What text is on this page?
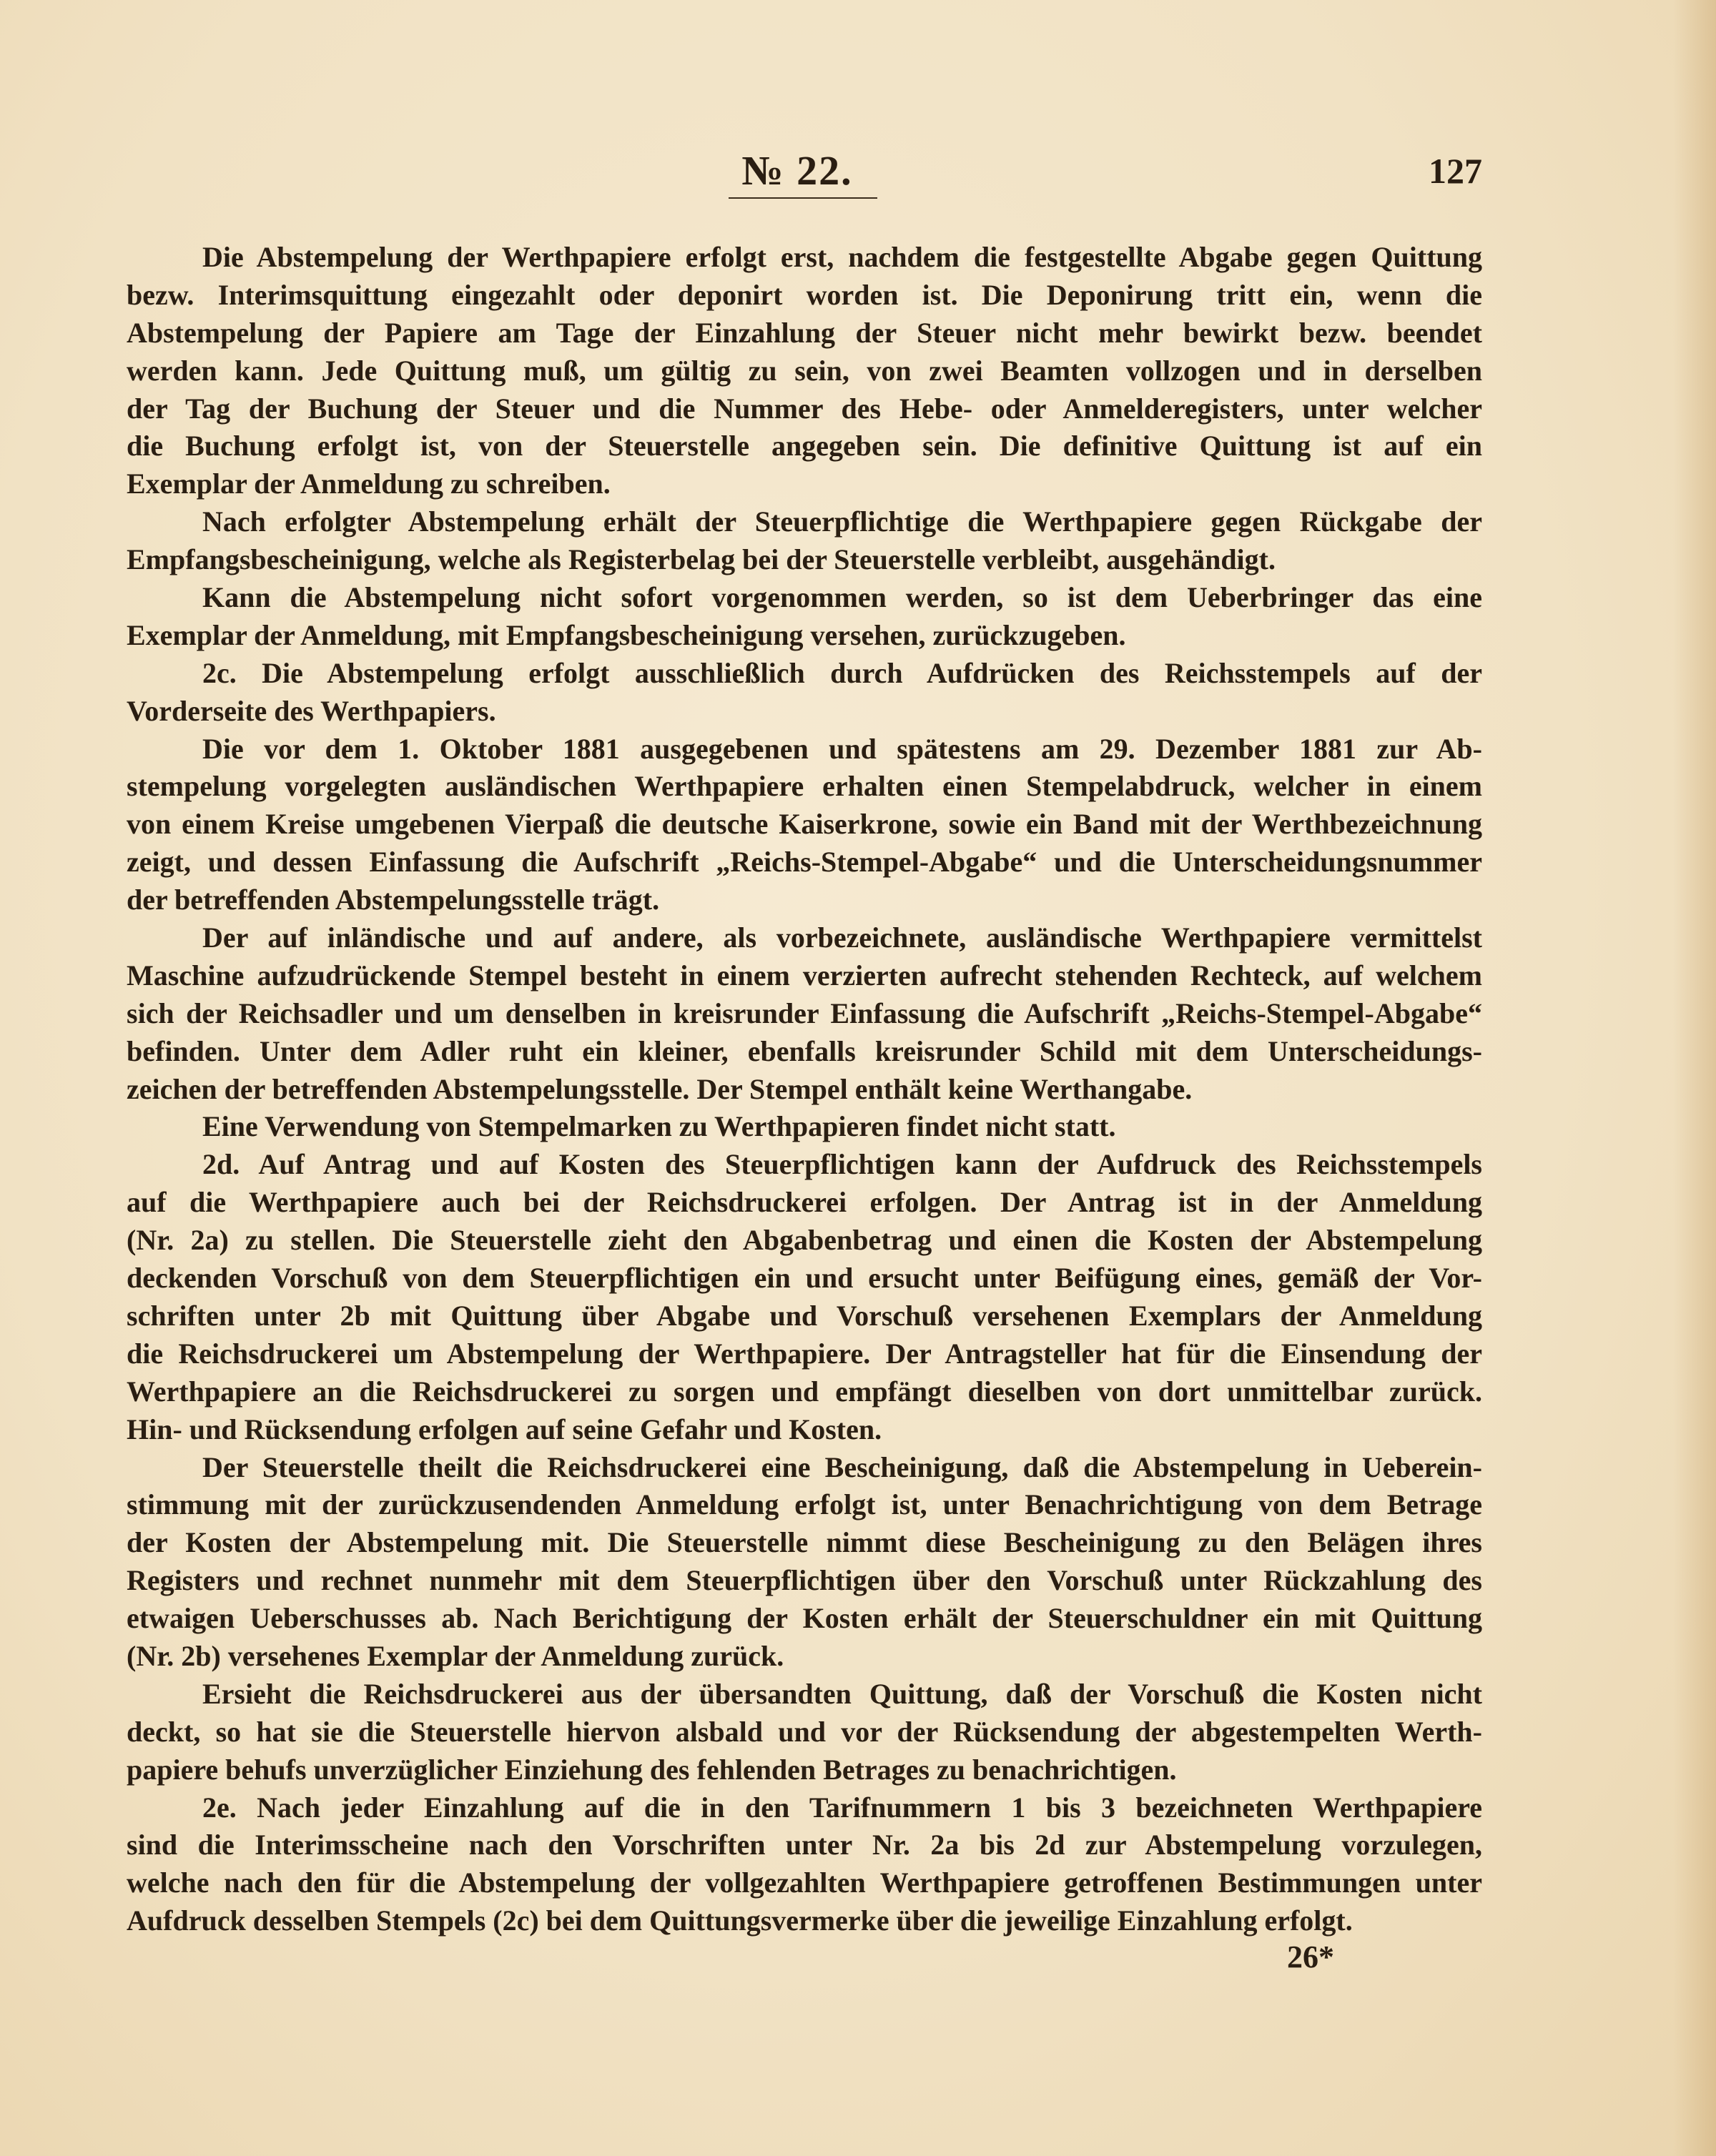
№ 22.	127
Die Abstempelung der Werthpapiere erfolgt erst, nachdem die festgestellte Abgabe gegen Quittung
bezw. Interimsquittung eingezahlt oder deponirt worden ist. Die Deponirung tritt ein, wenn die
Abstempelung der Papiere am Tage der Einzahlung der Steuer nicht mehr bewirkt bezw. beendet
werden kann. Jede Quittung muß, um gültig zu sein, von zwei Beamten vollzogen und in derselben
der Tag der Buchung der Steuer und die Nummer des Hebe- oder Anmelderegisters, unter welcher
die Buchung erfolgt ist, von der Steuerstelle angegeben sein. Die definitive Quittung ist auf ein
Exemplar der Anmeldung zu schreiben.
Nach erfolgter Abstempelung erhält der Steuerpflichtige die Werthpapiere gegen Rückgabe der
Empfangsbescheinigung, welche als Registerbelag bei der Steuerstelle verbleibt, ausgehändigt.
Kann die Abstempelung nicht sofort vorgenommen werden, so ist dem Ueberbringer das eine
Exemplar der Anmeldung, mit Empfangsbescheinigung versehen, zurückzugeben.
2c. Die Abstempelung erfolgt ausschließlich durch Aufdrücken des Reichsstempels auf der
Vorderseite des Werthpapiers.
Die vor dem 1. Oktober 1881 ausgegebenen und spätestens am 29. Dezember 1881 zur Ab-
stempelung vorgelegten ausländischen Werthpapiere erhalten einen Stempelabdruck, welcher in einem
von einem Kreise umgebenen Vierpaß die deutsche Kaiserkrone, sowie ein Band mit der Werthbezeichnung
zeigt, und dessen Einfassung die Aufschrift „Reichs-Stempel-Abgabe“ und die Unterscheidungsnummer
der betreffenden Abstempelungsstelle trägt.
Der auf inländische und auf andere, als vorbezeichnete, ausländische Werthpapiere vermittelst
Maschine aufzudrückende Stempel besteht in einem verzierten aufrecht stehenden Rechteck, auf welchem
sich der Reichsadler und um denselben in kreisrunder Einfassung die Aufschrift „Reichs-Stempel-Abgabe“
befinden. Unter dem Adler ruht ein kleiner, ebenfalls kreisrunder Schild mit dem Unterscheidungs-
zeichen der betreffenden Abstempelungsstelle. Der Stempel enthält keine Werthangabe.
Eine Verwendung von Stempelmarken zu Werthpapieren findet nicht statt.
2d. Auf Antrag und auf Kosten des Steuerpflichtigen kann der Aufdruck des Reichsstempels
auf die Werthpapiere auch bei der Reichsdruckerei erfolgen. Der Antrag ist in der Anmeldung
(Nr. 2a) zu stellen. Die Steuerstelle zieht den Abgabenbetrag und einen die Kosten der Abstempelung
deckenden Vorschuß von dem Steuerpflichtigen ein und ersucht unter Beifügung eines, gemäß der Vor-
schriften unter 2b mit Quittung über Abgabe und Vorschuß versehenen Exemplars der Anmeldung
die Reichsdruckerei um Abstempelung der Werthpapiere. Der Antragsteller hat für die Einsendung der
Werthpapiere an die Reichsdruckerei zu sorgen und empfängt dieselben von dort unmittelbar zurück.
Hin- und Rücksendung erfolgen auf seine Gefahr und Kosten.
Der Steuerstelle theilt die Reichsdruckerei eine Bescheinigung, daß die Abstempelung in Ueberein-
stimmung mit der zurückzusendenden Anmeldung erfolgt ist, unter Benachrichtigung von dem Betrage
der Kosten der Abstempelung mit. Die Steuerstelle nimmt diese Bescheinigung zu den Belägen ihres
Registers und rechnet nunmehr mit dem Steuerpflichtigen über den Vorschuß unter Rückzahlung des
etwaigen Ueberschusses ab. Nach Berichtigung der Kosten erhält der Steuerschuldner ein mit Quittung
(Nr. 2b) versehenes Exemplar der Anmeldung zurück.
Ersieht die Reichsdruckerei aus der übersandten Quittung, daß der Vorschuß die Kosten nicht
deckt, so hat sie die Steuerstelle hiervon alsbald und vor der Rücksendung der abgestempelten Werth-
papiere behufs unverzüglicher Einziehung des fehlenden Betrages zu benachrichtigen.
2e. Nach jeder Einzahlung auf die in den Tarifnummern 1 bis 3 bezeichneten Werthpapiere
sind die Interimsscheine nach den Vorschriften unter Nr. 2a bis 2d zur Abstempelung vorzulegen,
welche nach den für die Abstempelung der vollgezahlten Werthpapiere getroffenen Bestimmungen unter
Aufdruck desselben Stempels (2c) bei dem Quittungsvermerke über die jeweilige Einzahlung erfolgt.
26*
